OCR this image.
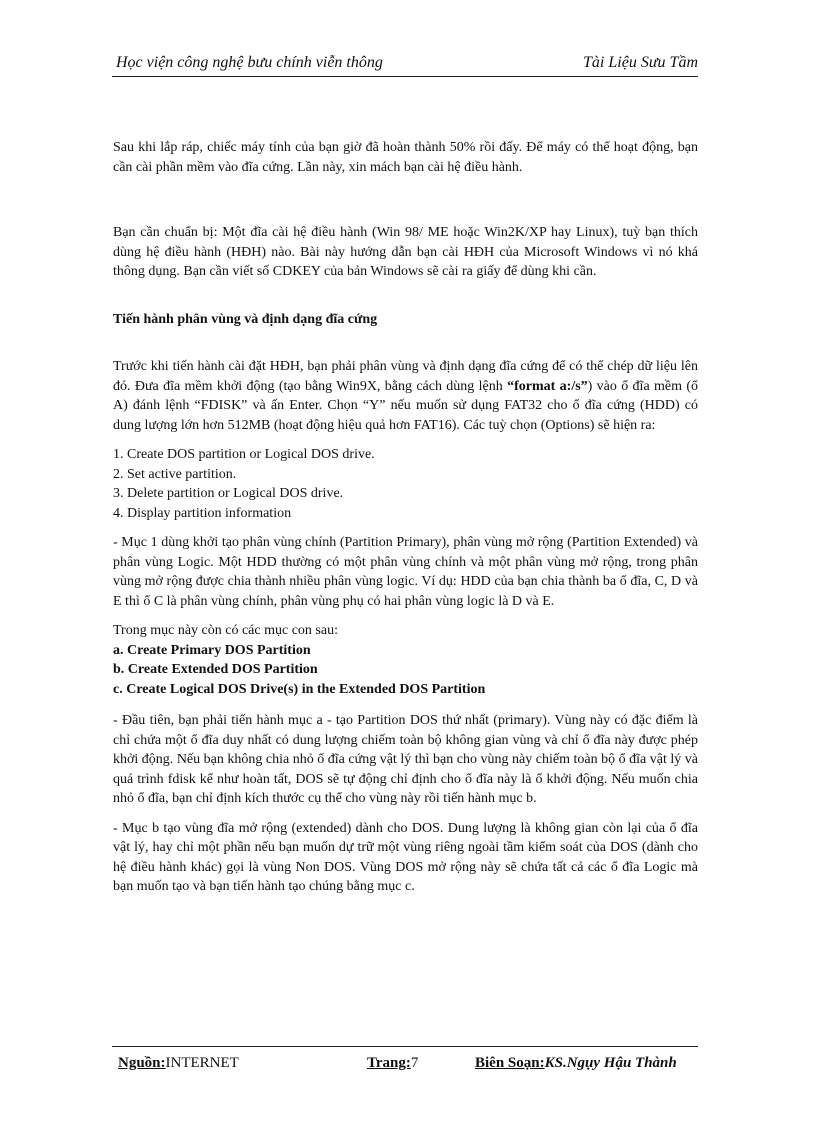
Học viện công nghệ bưu chính viễn thông	Tài Liệu Sưu Tầm

Sau khi lắp ráp, chiếc máy tính của bạn giờ đã hoàn thành 50% rồi đấy. Để máy có thể hoạt động, bạn cần cài phần mềm vào đĩa cứng. Lần này, xin mách bạn cài hệ điều hành.

Bạn cần chuẩn bị: Một đĩa cài hệ điều hành (Win 98/ ME hoặc Win2K/XP hay Linux), tuỳ bạn thích dùng hệ điều hành (HĐH) nào. Bài này hướng dẫn bạn cài HĐH của Microsoft Windows vì nó khá thông dụng. Bạn cần viết số CDKEY của bản Windows sẽ cài ra giấy để dùng khi cần.

Tiến hành phân vùng và định dạng đĩa cứng

Trước khi tiến hành cài đặt HĐH, bạn phải phân vùng và định dạng đĩa cứng để có thể chép dữ liệu lên đó. Đưa đĩa mềm khởi động (tạo bằng Win9X, bằng cách dùng lệnh “format a:/s”) vào ổ đĩa mềm (ổ A) đánh lệnh “FDISK” và ấn Enter. Chọn “Y” nếu muốn sử dụng FAT32 cho ổ đĩa cứng (HDD) có dung lượng lớn hơn 512MB (hoạt động hiệu quả hơn FAT16). Các tuỳ chọn (Options) sẽ hiện ra:

1. Create DOS partition or Logical DOS drive.
2. Set active partition.
3. Delete partition or Logical DOS drive.
4. Display partition information

- Mục 1 dùng khởi tạo phân vùng chính (Partition Primary), phân vùng mở rộng (Partition Extended) và phân vùng Logic. Một HDD thường có một phân vùng chính và một phân vùng mở rộng, trong phân vùng mở rộng được chia thành nhiều phân vùng logic. Ví dụ: HDD của bạn chia thành ba ổ đĩa, C, D và E thì ổ C là phân vùng chính, phân vùng phụ có hai phân vùng logic là D và E.

Trong mục này còn có các mục con sau:

a. Create Primary DOS Partition
b. Create Extended DOS Partition
c. Create Logical DOS Drive(s) in the Extended DOS Partition

- Đầu tiên, bạn phải tiến hành mục a - tạo Partition DOS thứ nhất (primary). Vùng này có đặc điểm là chỉ chứa một ổ đĩa duy nhất có dung lượng chiếm toàn bộ không gian vùng và chỉ ổ đĩa này được phép khởi động. Nếu bạn không chia nhỏ ổ đĩa cứng vật lý thì bạn cho vùng này chiếm toàn bộ ổ đĩa vật lý và quá trình fdisk kể như hoàn tất, DOS sẽ tự động chỉ định cho ổ đĩa này là ổ khởi động. Nếu muốn chia nhỏ ổ đĩa, bạn chỉ định kích thước cụ thể cho vùng này rồi tiến hành mục b.

- Mục b tạo vùng đĩa mở rộng (extended) dành cho DOS. Dung lượng là không gian còn lại của ổ đĩa vật lý, hay chỉ một phần nếu bạn muốn dự trữ một vùng riêng ngoài tầm kiểm soát của DOS (dành cho hệ điều hành khác) gọi là vùng Non DOS. Vùng DOS mở rộng này sẽ chứa tất cả các ổ đĩa Logic mà bạn muốn tạo và bạn tiến hành tạo chúng bằng mục c.

Nguồn:INTERNET	Trang:7	Biên Soạn:KS.Ngụy Hậu Thành
